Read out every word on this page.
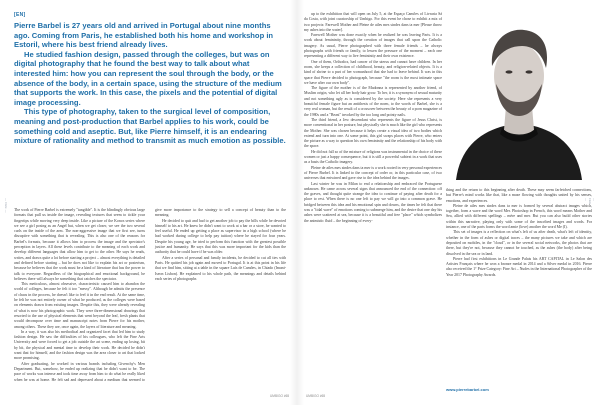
— FEE —	— FEE —
[EN]

Pierre Barbel is 27 years old and arrived in Portugal about nine months ago. Coming from Paris, he established both his home and workshop in Estoril, where his best friend already lives.

He studied fashion design, passed through the colleges, but was on digital photography that he found the best way to talk about what interested him: how you can represent the soul through the body, or the absence of the body, in a certain space, using the structure of the medium that supports the work. In this case, the pixels and the potential of digital image processing.

This type of photography, taken to the surgical level of composition, meaning and post-production that Barbel applies to his work, could be something cold and aseptic. But, like Pierre himself, it is an endearing mixture of rationality and method to transmit as much emotion as possible.

The work of Pierre Barbel is extremely "tangible". It is the blindingly obvious large formats that pull us inside the image, revealing textures that seem to tickle your fingertips while moving very deep inside. Like a picture of the Konos series where we see a girl posing as an Angel but, when we get closer, we see the two several curls on the inside of the arm. The non-aggressive image that we first see, turns disruptive with something that is revealing. This is also one of the reasons for Barbel's formats, because it allows him to process the image and the spectator's perception in layers. All these levels contribute to the meaning of each work and develop different languages that allow him to get to the other. He says he reads, writes, and draws quite a lot before starting a project – almost everything is detailed and defined before starting – but he does not like to explain his art or posterism, because he believes that the work must be a kind of literature that has the power to talk to everyone. Regardless of the biographical and emotional background, he believes there will always be something that catches the spectator.

This meticulous, almost obsessive, characteristic caused him to abandon the world of colleges, because he felt it too "messy". Although he admits the presence of chaos in the process, he doesn't like to feel it in the end result. At the same time, he felt he was not entirely owner of what he produced, as the colleges were based on elements drawn from existing images. Despite this, they were already revealing of what is now his photographic work. They were three-dimensional drawings that resorted to the use of physical elements that went beyond the leaf, fresh plants that would decompose over time and manuscript notes from Pierre for his mother, among others. These they are, once again, the layers of literature and meaning.

In a way, it was also his methodical and organized facet that led him to study fashion design. He saw the difficulties of his colleagues, who left the Fine Arts University and were forced to get a job outside the art scene, ending up losing, bit by bit, the physical and mental time to develop their work. He decided he didn't want that for himself, and the fashion design was the area closer to art that looked more promising.

After graduating, he worked in various brands including Givenchy's Men Department. But, somehow, he ended up realizing that he didn't want to be. The pace of works was intense and took time away from him to do what he really liked when he was at home. He felt sad and depressed about a medium that seemed to give more importance to the strategy to sell a concept of beauty than to the meaning.

He decided to quit and had to get another job to pay the bills while he devoted himself to his art. He knew he didn't want to work at a bar or a store, he wanted to feel useful. He ended up getting a place as supervisor in a high school (where he had worked during college to help pay tuition) where he stayed for four years. Despite his young age, he tried to perform this function with the greatest possible justice and humanity. He says that this was more important for the kids than the authority that he could have if he was older.

After a series of personal and family incidents, he decided to cut all ties with Paris. He quitted his job again and moved to Portugal. It is at this point in his life that we find him, sitting at a table in the square Luís de Camões, in Chiado (Imani-Iseon Lisbon). He explained to his whole path, the meanings and details behind each series of photographs

up to the exhibition that will open on July 5, at the Espaço Camões of Livraria Sá da Costa, with joint curatorship of Umbigo. For this event he chose to exhibit a mix of two projects: Farewell Mother and Pleine de ailes mes sindes dans ta mer [Please throw my ashes into the water].

Farewell Mother was done exactly when he realized he was leaving Paris. It is a work about femininity, through the creation of images that call upon the Catholic imagery. As usual, Pierre photographed with three female friends – he always photographs with friends or family, to lessen the pressure of the moment – each one representing a different way to live femininity and their own existence.

One of them, Orthodox, had cancer of the uterus and cannot have children. In her room, she keeps a collection of childhood, beauty, and religion-related objects. It is a kind of shrine to a part of her womanhood that she had to leave behind. It was in this space that Pierre decided to photograph, because "the room is the most intimate space we have after our own body".

The figure of the mother is of the Madonna is represented by another friend, of Muslim origin, who let all her body hair grow. To her, it is a synonym of sexual maturity and not something ugly as is considered by the society. Here she represents a very beautiful female figure but an antithesis of the norm, to the words of Barbel, she is a very real woman, but the result of a crossover between the beauty of a porn magazine of the 1980s and a "Beast" invoked by the too long and pointy nails.

The third friend, a Jew descendant who represents the figure of Jesus Christ, is more conventional in her posture, but physically she is much like the girl who represents the Mother. She was chosen because it helps create a visual idea of two bodies which extend and turn into one. At some point, this girl swaps places with Pierre, who enters the picture as a way to question his own femininity and the relationship of his body with the space.

He did not fall so of the mixture of religions was instrumental in the choice of these women or just a happy consequence, but it is still a powerful subtext in a work that uses as a basis the Catholic imagery.

Pleine de ailes mes sindes dans ta mer is a work rooted in very personal experiences of Pierre Barbel. It is linked to the concept of order or, in this particular case, of two universes that entwined and gave rise to the idea behind the images.

Last winter he was in Milan to end a relationship and embraced the Portuguese unknown. He came across several signs that announced the end of the connection: off the graves, and thought quite strange the idea to continue of paying after death for a place to rest. When there is no one left to pay we will go into a common grave. He bridged between this idea and his emotional spin and downs, the times he felt that there was a "tidal wave" of emotions coming to submerge him, and the desire that one day his ashes were scattered at sea, because it is a beautiful and free "place" which symbolizes the animistic fluid – the beginning of every-

thing and the return to this beginning after death. These may seem farfetched connections, but Pierre's mind works like that, like a maze flowing with thoughts united by his senses, emotions, and experiences.

Pleine de ailes mes sindes dans ta mer is formed by several abstract images which, together, form a wave and the word Mer. Photoshop in French, this word means Mother and Sea, allied with different spellings – mère and mer. But you can also build other stories within this narrative, playing only with some of the inscribed images and words. For instance, one of the parts forms the word amie (love) another the word Me (I).

This set of images is a reflection on what's left of us after death, what's left of identity, whether in the form of ashes or digital traces – the many pictures we take and which are deposited on mobiles, in the "cloud", or in the several social networks, the photos that are there, but they're not, because they cannot be touched, as the ashes (the body) after being dissolved in the sea or in land.

Pierre had first exhibitions in Le Grande Palais his ART CAPITAL in Le Salon des Artistes Français where he won a bronze medal in 2014 and a Silver medal in 2016. Pierre also received the 1° Prize Category: Fine Art – Nudes in the International Photographer of the Year 2017 Photography Awards.

www.pierrebarbel.com
UMBIGO #65	UMBIGO #65
